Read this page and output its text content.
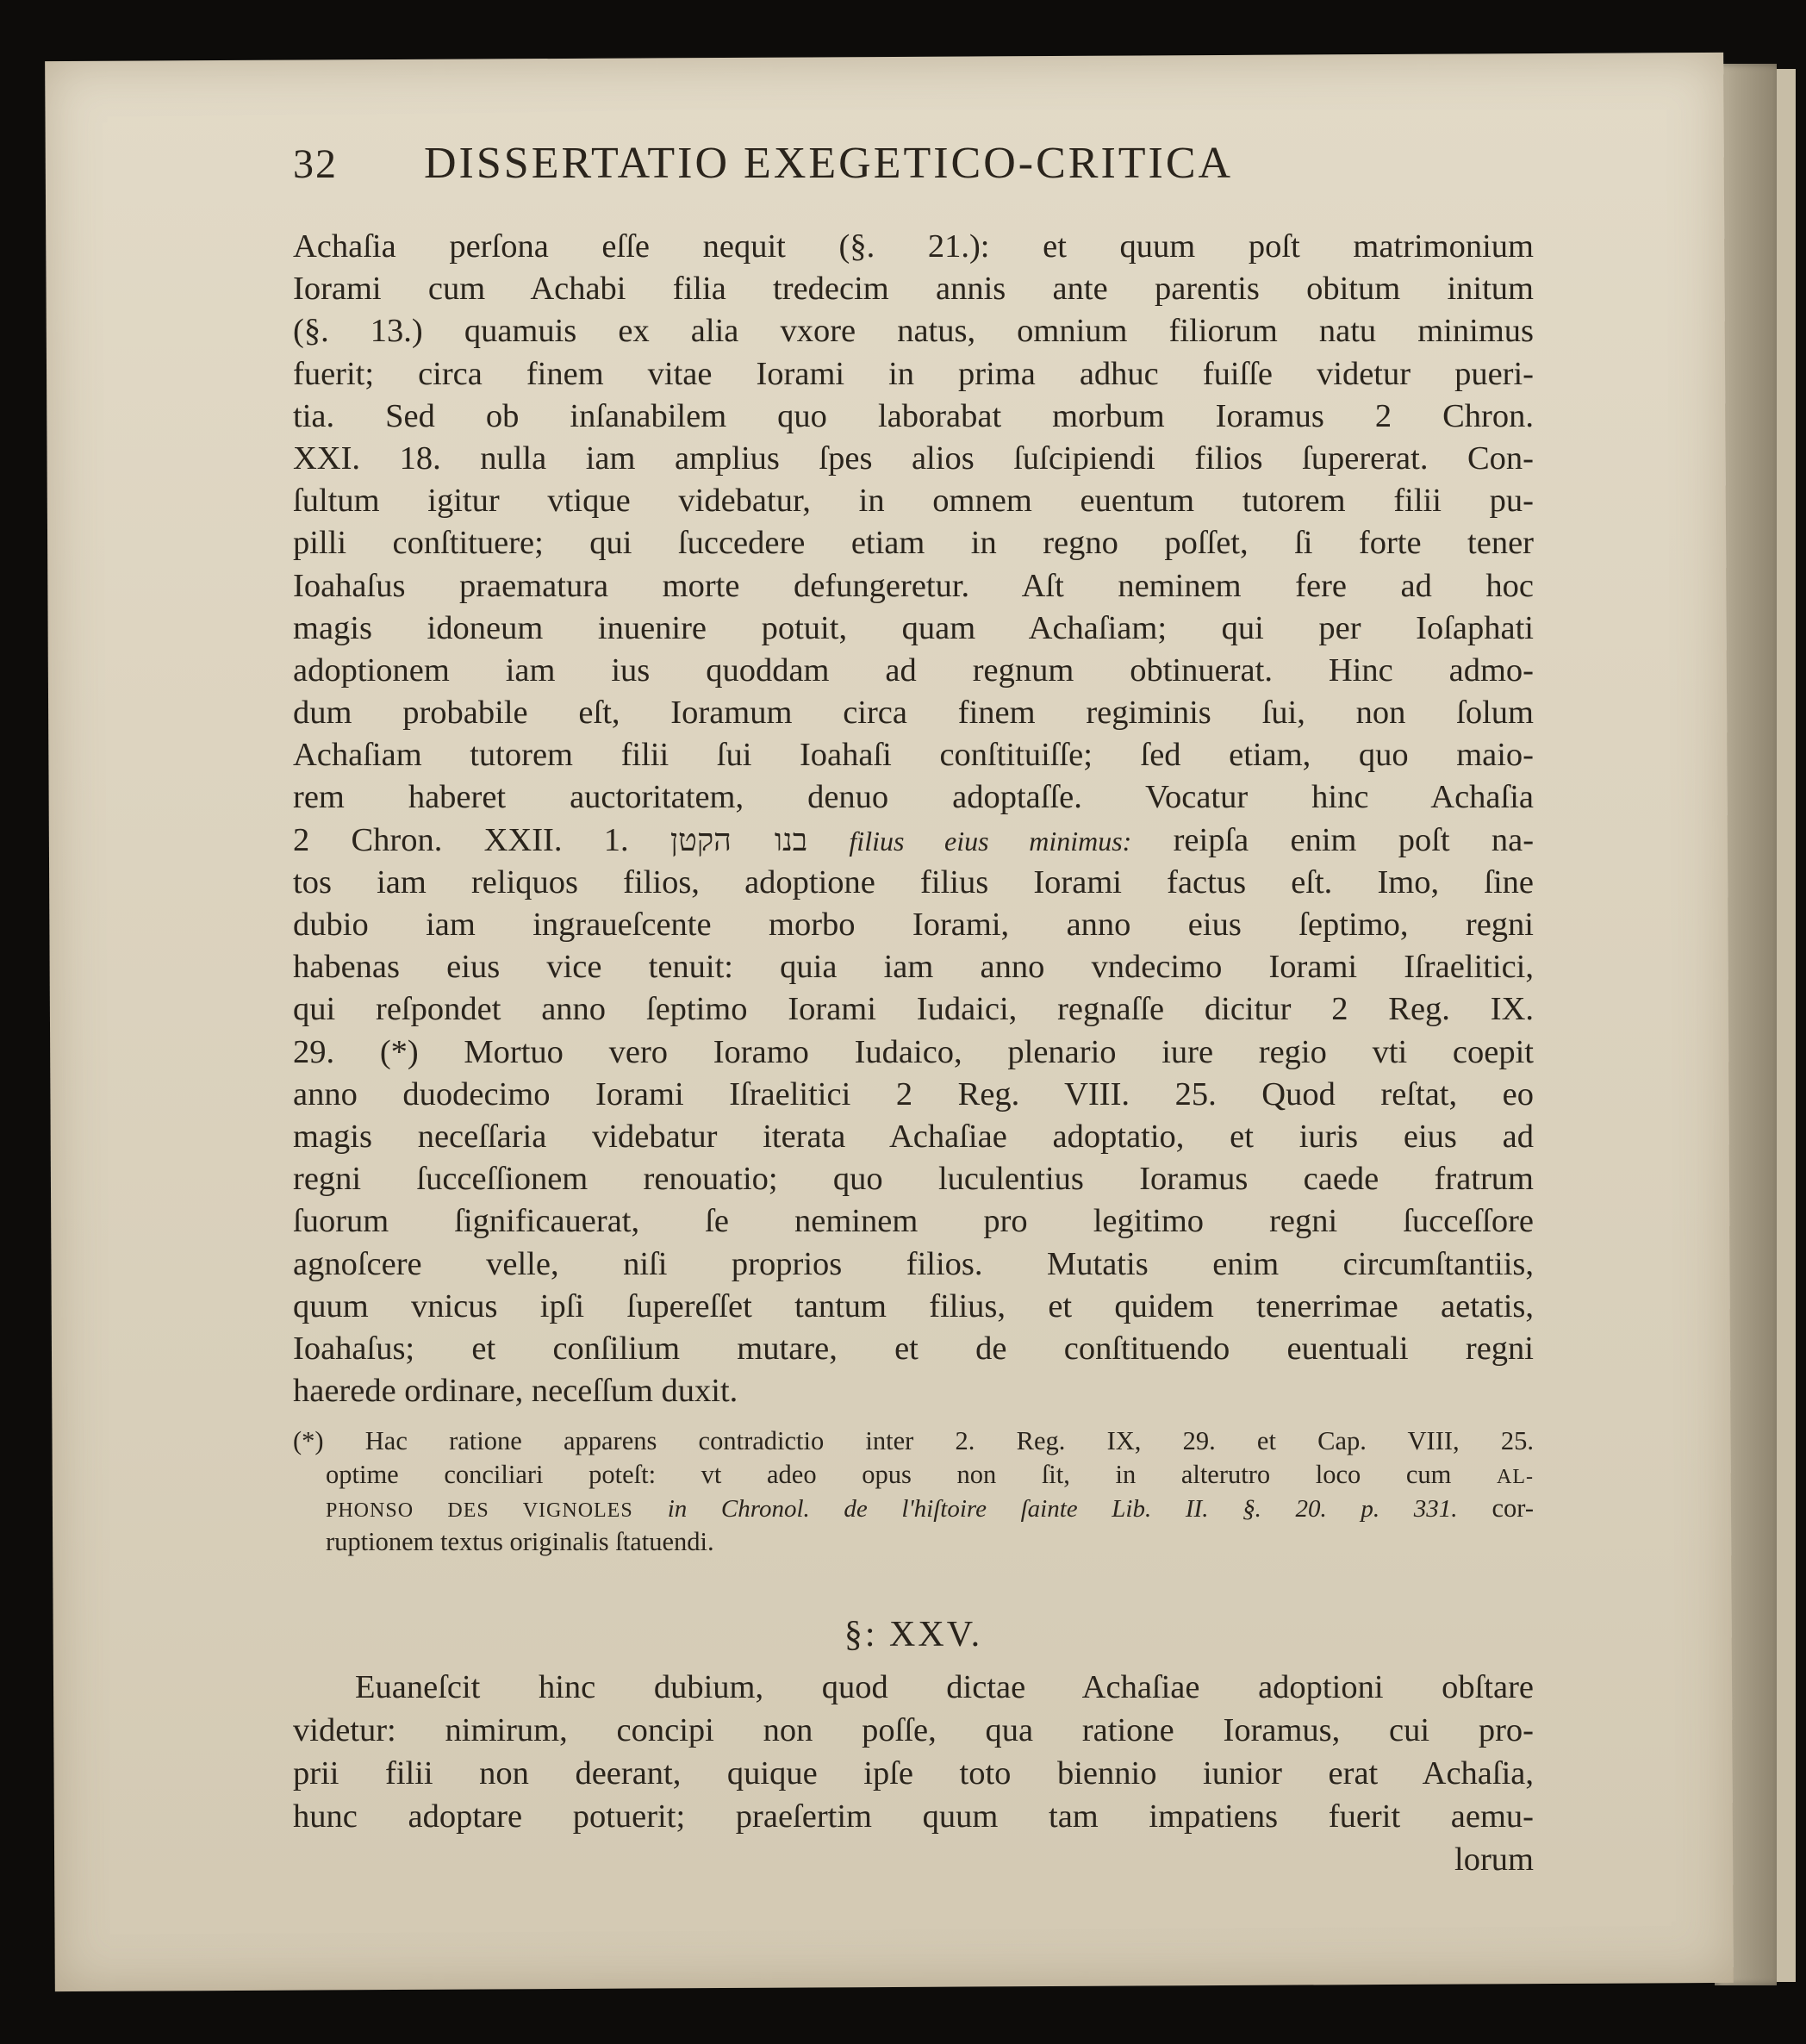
32	DISSERTATIO EXEGETICO-CRITICA
Achaſia perſona eſſe nequit (§. 21.): et quum poſt matrimonium
Iorami cum Achabi filia tredecim annis ante parentis obitum initum
(§. 13.) quamuis ex alia vxore natus, omnium filiorum natu minimus
fuerit; circa finem vitae Iorami in prima adhuc fuiſſe videtur pueri-
tia. Sed ob inſanabilem quo laborabat morbum Ioramus 2 Chron.
XXI. 18. nulla iam amplius ſpes alios ſuſcipiendi filios ſupererat. Con-
ſultum igitur vtique videbatur, in omnem euentum tutorem filii pu-
pilli conſtituere; qui ſuccedere etiam in regno poſſet, ſi forte tener
Ioahaſus praematura morte defungeretur. Aſt neminem fere ad hoc
magis idoneum inuenire potuit, quam Achaſiam; qui per Ioſaphati
adoptionem iam ius quoddam ad regnum obtinuerat. Hinc admo-
dum probabile eſt, Ioramum circa finem regiminis ſui, non ſolum
Achaſiam tutorem filii ſui Ioahaſi conſtituiſſe; ſed etiam, quo maio-
rem haberet auctoritatem, denuo adoptaſſe. Vocatur hinc Achaſia
2 Chron. XXII. 1. בנו הקטן filius eius minimus: reipſa enim poſt na-
tos iam reliquos filios, adoptione filius Iorami factus eſt. Imo, ſine
dubio iam ingraueſcente morbo Iorami, anno eius ſeptimo, regni
habenas eius vice tenuit: quia iam anno vndecimo Iorami Iſraelitici,
qui reſpondet anno ſeptimo Iorami Iudaici, regnaſſe dicitur 2 Reg. IX.
29. (*) Mortuo vero Ioramo Iudaico, plenario iure regio vti coepit
anno duodecimo Iorami Iſraelitici 2 Reg. VIII. 25. Quod reſtat, eo
magis neceſſaria videbatur iterata Achaſiae adoptatio, et iuris eius ad
regni ſucceſſionem renouatio; quo luculentius Ioramus caede fratrum
ſuorum ſignificauerat, ſe neminem pro legitimo regni ſucceſſore
agnoſcere velle, niſi proprios filios. Mutatis enim circumſtantiis,
quum vnicus ipſi ſupereſſet tantum filius, et quidem tenerrimae aetatis,
Ioahaſus; et conſilium mutare, et de conſtituendo euentuali regni
haerede ordinare, neceſſum duxit.
(*) Hac ratione apparens contradictio inter 2. Reg. IX, 29. et Cap. VIII, 25.
optime conciliari poteſt: vt adeo opus non ſit, in alterutro loco cum AL-
PHONSO DES VIGNOLES in Chronol. de l'hiſtoire ſainte Lib. II. §. 20. p. 331. cor-
ruptionem textus originalis ſtatuendi.
§: XXV.
Euaneſcit hinc dubium, quod dictae Achaſiae adoptioni obſtare
videtur: nimirum, concipi non poſſe, qua ratione Ioramus, cui pro-
prii filii non deerant, quique ipſe toto biennio iunior erat Achaſia,
hunc adoptare potuerit; praeſertim quum tam impatiens fuerit aemu-
lorum
